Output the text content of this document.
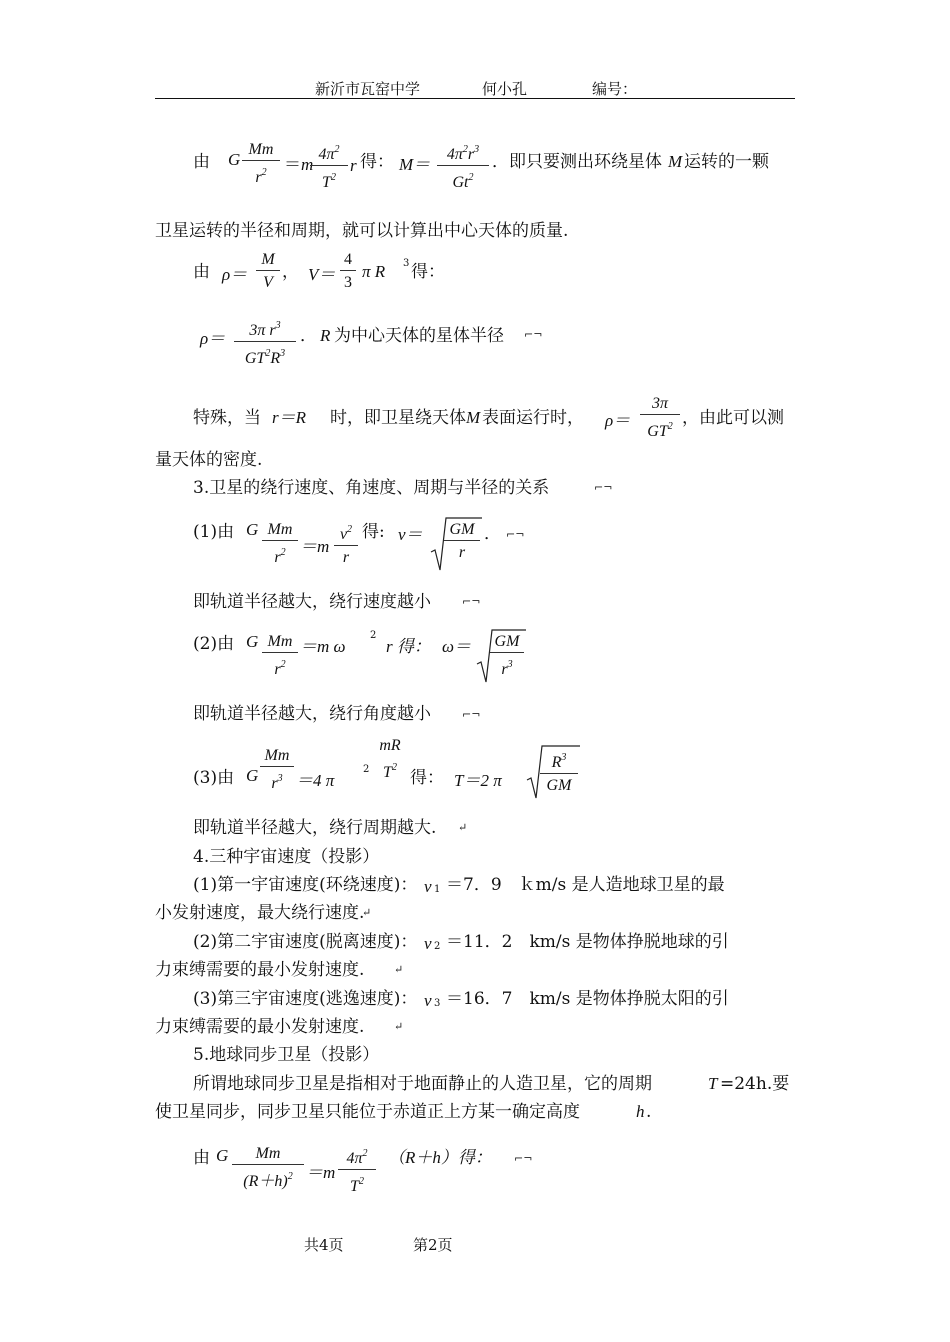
新沂市瓦窑中学	何小孔	编号：
由 G $\frac{Mm}{r^2} =m$
$\frac{4\pi^2}{T^2}$ r 得： $M= \frac{4\pi^2r^3}{Gt^2}$ ．即只要测出环绕星体 M 运转的一颗
卫星运转的半径和周期，就可以计算出中心天体的质量.
由 $\rho= \frac{M}{V}$ ， $V= \frac{4}{3}$ π R 3 得：
$\rho= \frac{3\pi r^3}{GT^2R^3}$ ． R 为中心天体的星体半径 ⌐¬
特殊，当 r＝R 时，即卫星绕天体 M 表面运行时， $\rho= \frac{3\pi}{GT^2}$ ，由此可以测
量天体的密度.
3.卫星的绕行速度、角速度、周期与半径的关系	⌐¬
(1)由 G $\frac{Mm}{r^2} =m \frac{v^2}{r}$ 得: $v= \frac{GM}{r}$ ． ⌐¬
即轨道半径越大，绕行速度越小	⌐¬
(2)由 G $\frac{Mm}{r^2} =m$ ω
2
r 得： $\omega= \frac{GM}{r^3}$
即轨道半径越大，绕行角度越小	⌐¬
(3)由 G $\frac{Mm}{r^3} =4$ π
2
mR
$T^2$
得： T＝2 π $\frac{R^3}{GM}$
即轨道半径越大，绕行周期越大. ↵
4.三种宇宙速度（投影）
(1)第一宇宙速度(环绕速度)： v 1 ＝7．9　ｋm/s 是人造地球卫星的最
小发射速度，最大绕行速度.
↵
(2)第二宇宙速度(脱离速度)： v 2 ＝11．2　km/s 是物体挣脱地球的引
力束缚需要的最小发射速度.	↵
(3)第三宇宙速度(逃逸速度)： v 3 ＝16．7　km/s 是物体挣脱太阳的引
力束缚需要的最小发射速度.	↵
5.地球同步卫星（投影）
所谓地球同步卫星是指相对于地面静止的人造卫星，它的周期	T =24h.要
使卫星同步，同步卫星只能位于赤道正上方某一确定高度	h .
由 G $\frac{Mm}{(R+h)^2} =m \frac{4\pi^2}{T^2} (R+h)$得： ⌐¬
共4页	第2页
